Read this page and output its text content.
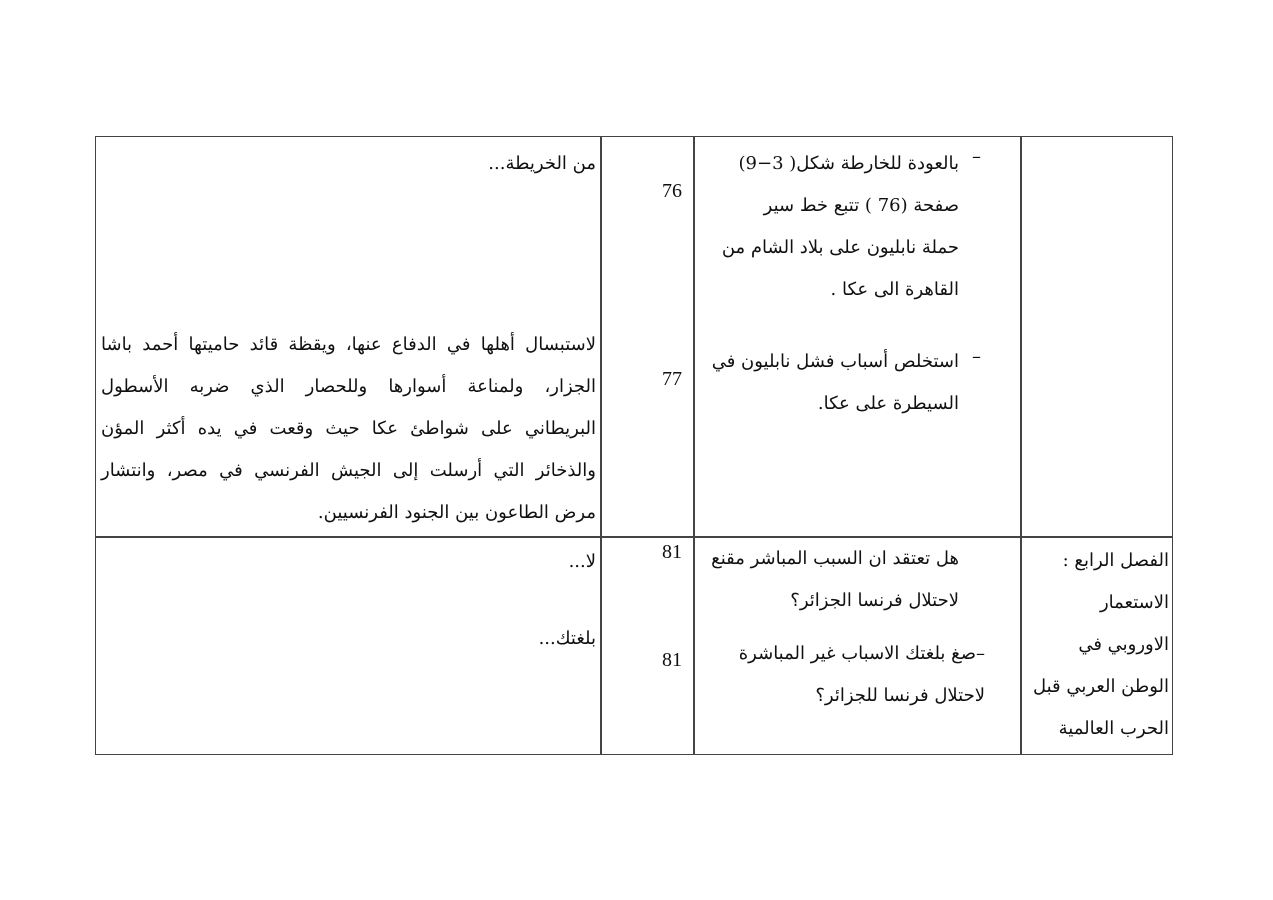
–
بالعودة للخارطة شكل( 3−9)
صفحة (76 ) تتبع خط سير
حملة نابليون على بلاد الشام من
القاهرة الى عكا .
–
استخلص أسباب فشل نابليون في
السيطرة على عكا.
76
77
من الخريطة...
لاستبسال أهلها في الدفاع عنها، ويقظة قائد حاميتها أحمد باشا
الجزار، ولمناعة أسوارها وللحصار الذي ضربه الأسطول
البريطاني على شواطئ عكا حيث وقعت في يده أكثر المؤن
والذخائر التي أرسلت إلى الجيش الفرنسي في مصر، وانتشار
مرض الطاعون بين الجنود الفرنسيين.
الفصل الرابع :
الاستعمار
الاوروبي في
الوطن العربي قبل
الحرب العالمية
هل تعتقد ان السبب المباشر مقنع
لاحتلال فرنسا الجزائر؟
–صغ بلغتك الاسباب غير المباشرة
لاحتلال فرنسا للجزائر؟
81
81
لا...
بلغتك...
